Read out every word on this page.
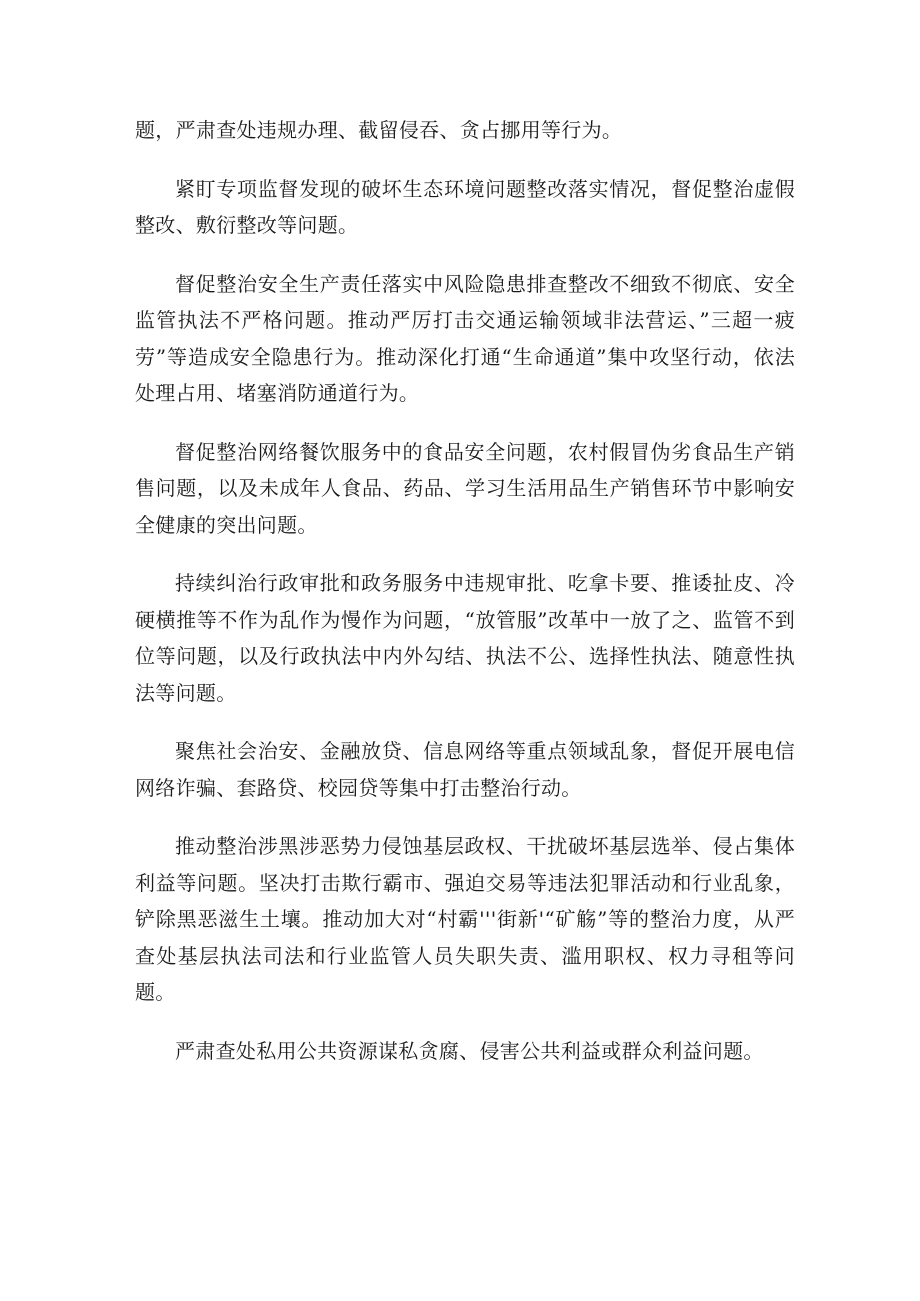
题，严肃查处违规办理、截留侵吞、贪占挪用等行为。

紧盯专项监督发现的破坏生态环境问题整改落实情况，督促整治虚假整改、敷衍整改等问题。

督促整治安全生产责任落实中风险隐患排查整改不细致不彻底、安全监管执法不严格问题。推动严厉打击交通运输领域非法营运、”三超一疲劳”等造成安全隐患行为。推动深化打通“生命通道”集中攻坚行动，依法处理占用、堵塞消防通道行为。

督促整治网络餐饮服务中的食品安全问题，农村假冒伪劣食品生产销售问题，以及未成年人食品、药品、学习生活用品生产销售环节中影响安全健康的突出问题。

持续纠治行政审批和政务服务中违规审批、吃拿卡要、推诿扯皮、冷硬横推等不作为乱作为慢作为问题，“放管服”改革中一放了之、监管不到位等问题，以及行政执法中内外勾结、执法不公、选择性执法、随意性执法等问题。

聚焦社会治安、金融放贷、信息网络等重点领域乱象，督促开展电信网络诈骗、套路贷、校园贷等集中打击整治行动。

推动整治涉黑涉恶势力侵蚀基层政权、干扰破坏基层选举、侵占集体利益等问题。坚决打击欺行霸市、强迫交易等违法犯罪活动和行业乱象，铲除黑恶滋生土壤。推动加大对“村霸'''街新'“矿觞”等的整治力度，从严查处基层执法司法和行业监管人员失职失责、滥用职权、权力寻租等问题。

严肃查处私用公共资源谋私贪腐、侵害公共利益或群众利益问题。
